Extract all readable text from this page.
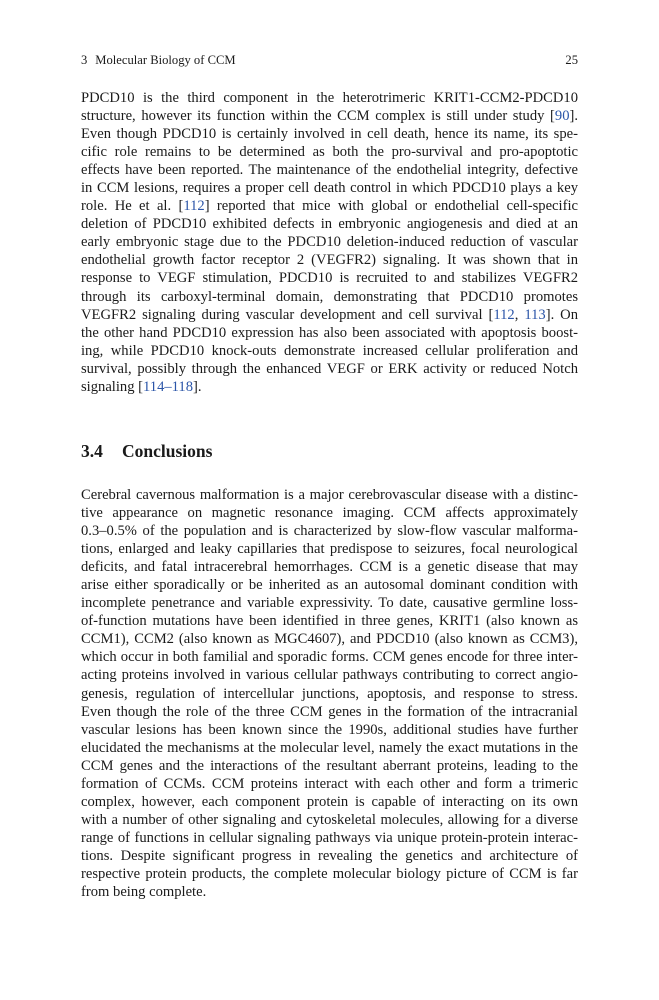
3 Molecular Biology of CCM	25
PDCD10 is the third component in the heterotrimeric KRIT1-CCM2-PDCD10
structure, however its function within the CCM complex is still under study [90].
Even though PDCD10 is certainly involved in cell death, hence its name, its spe-
cific role remains to be determined as both the pro-survival and pro-apoptotic
effects have been reported. The maintenance of the endothelial integrity, defective
in CCM lesions, requires a proper cell death control in which PDCD10 plays a key
role. He et al. [112] reported that mice with global or endothelial cell-specific
deletion of PDCD10 exhibited defects in embryonic angiogenesis and died at an
early embryonic stage due to the PDCD10 deletion-induced reduction of vascular
endothelial growth factor receptor 2 (VEGFR2) signaling. It was shown that in
response to VEGF stimulation, PDCD10 is recruited to and stabilizes VEGFR2
through its carboxyl-terminal domain, demonstrating that PDCD10 promotes
VEGFR2 signaling during vascular development and cell survival [112, 113]. On
the other hand PDCD10 expression has also been associated with apoptosis boost-
ing, while PDCD10 knock-outs demonstrate increased cellular proliferation and
survival, possibly through the enhanced VEGF or ERK activity or reduced Notch
signaling [114–118].
3.4 Conclusions
Cerebral cavernous malformation is a major cerebrovascular disease with a distinc-
tive appearance on magnetic resonance imaging. CCM affects approximately
0.3–0.5% of the population and is characterized by slow-flow vascular malforma-
tions, enlarged and leaky capillaries that predispose to seizures, focal neurological
deficits, and fatal intracerebral hemorrhages. CCM is a genetic disease that may
arise either sporadically or be inherited as an autosomal dominant condition with
incomplete penetrance and variable expressivity. To date, causative germline loss-
of-function mutations have been identified in three genes, KRIT1 (also known as
CCM1), CCM2 (also known as MGC4607), and PDCD10 (also known as CCM3),
which occur in both familial and sporadic forms. CCM genes encode for three inter-
acting proteins involved in various cellular pathways contributing to correct angio-
genesis, regulation of intercellular junctions, apoptosis, and response to stress.
Even though the role of the three CCM genes in the formation of the intracranial
vascular lesions has been known since the 1990s, additional studies have further
elucidated the mechanisms at the molecular level, namely the exact mutations in the
CCM genes and the interactions of the resultant aberrant proteins, leading to the
formation of CCMs. CCM proteins interact with each other and form a trimeric
complex, however, each component protein is capable of interacting on its own
with a number of other signaling and cytoskeletal molecules, allowing for a diverse
range of functions in cellular signaling pathways via unique protein-protein interac-
tions. Despite significant progress in revealing the genetics and architecture of
respective protein products, the complete molecular biology picture of CCM is far
from being complete.
